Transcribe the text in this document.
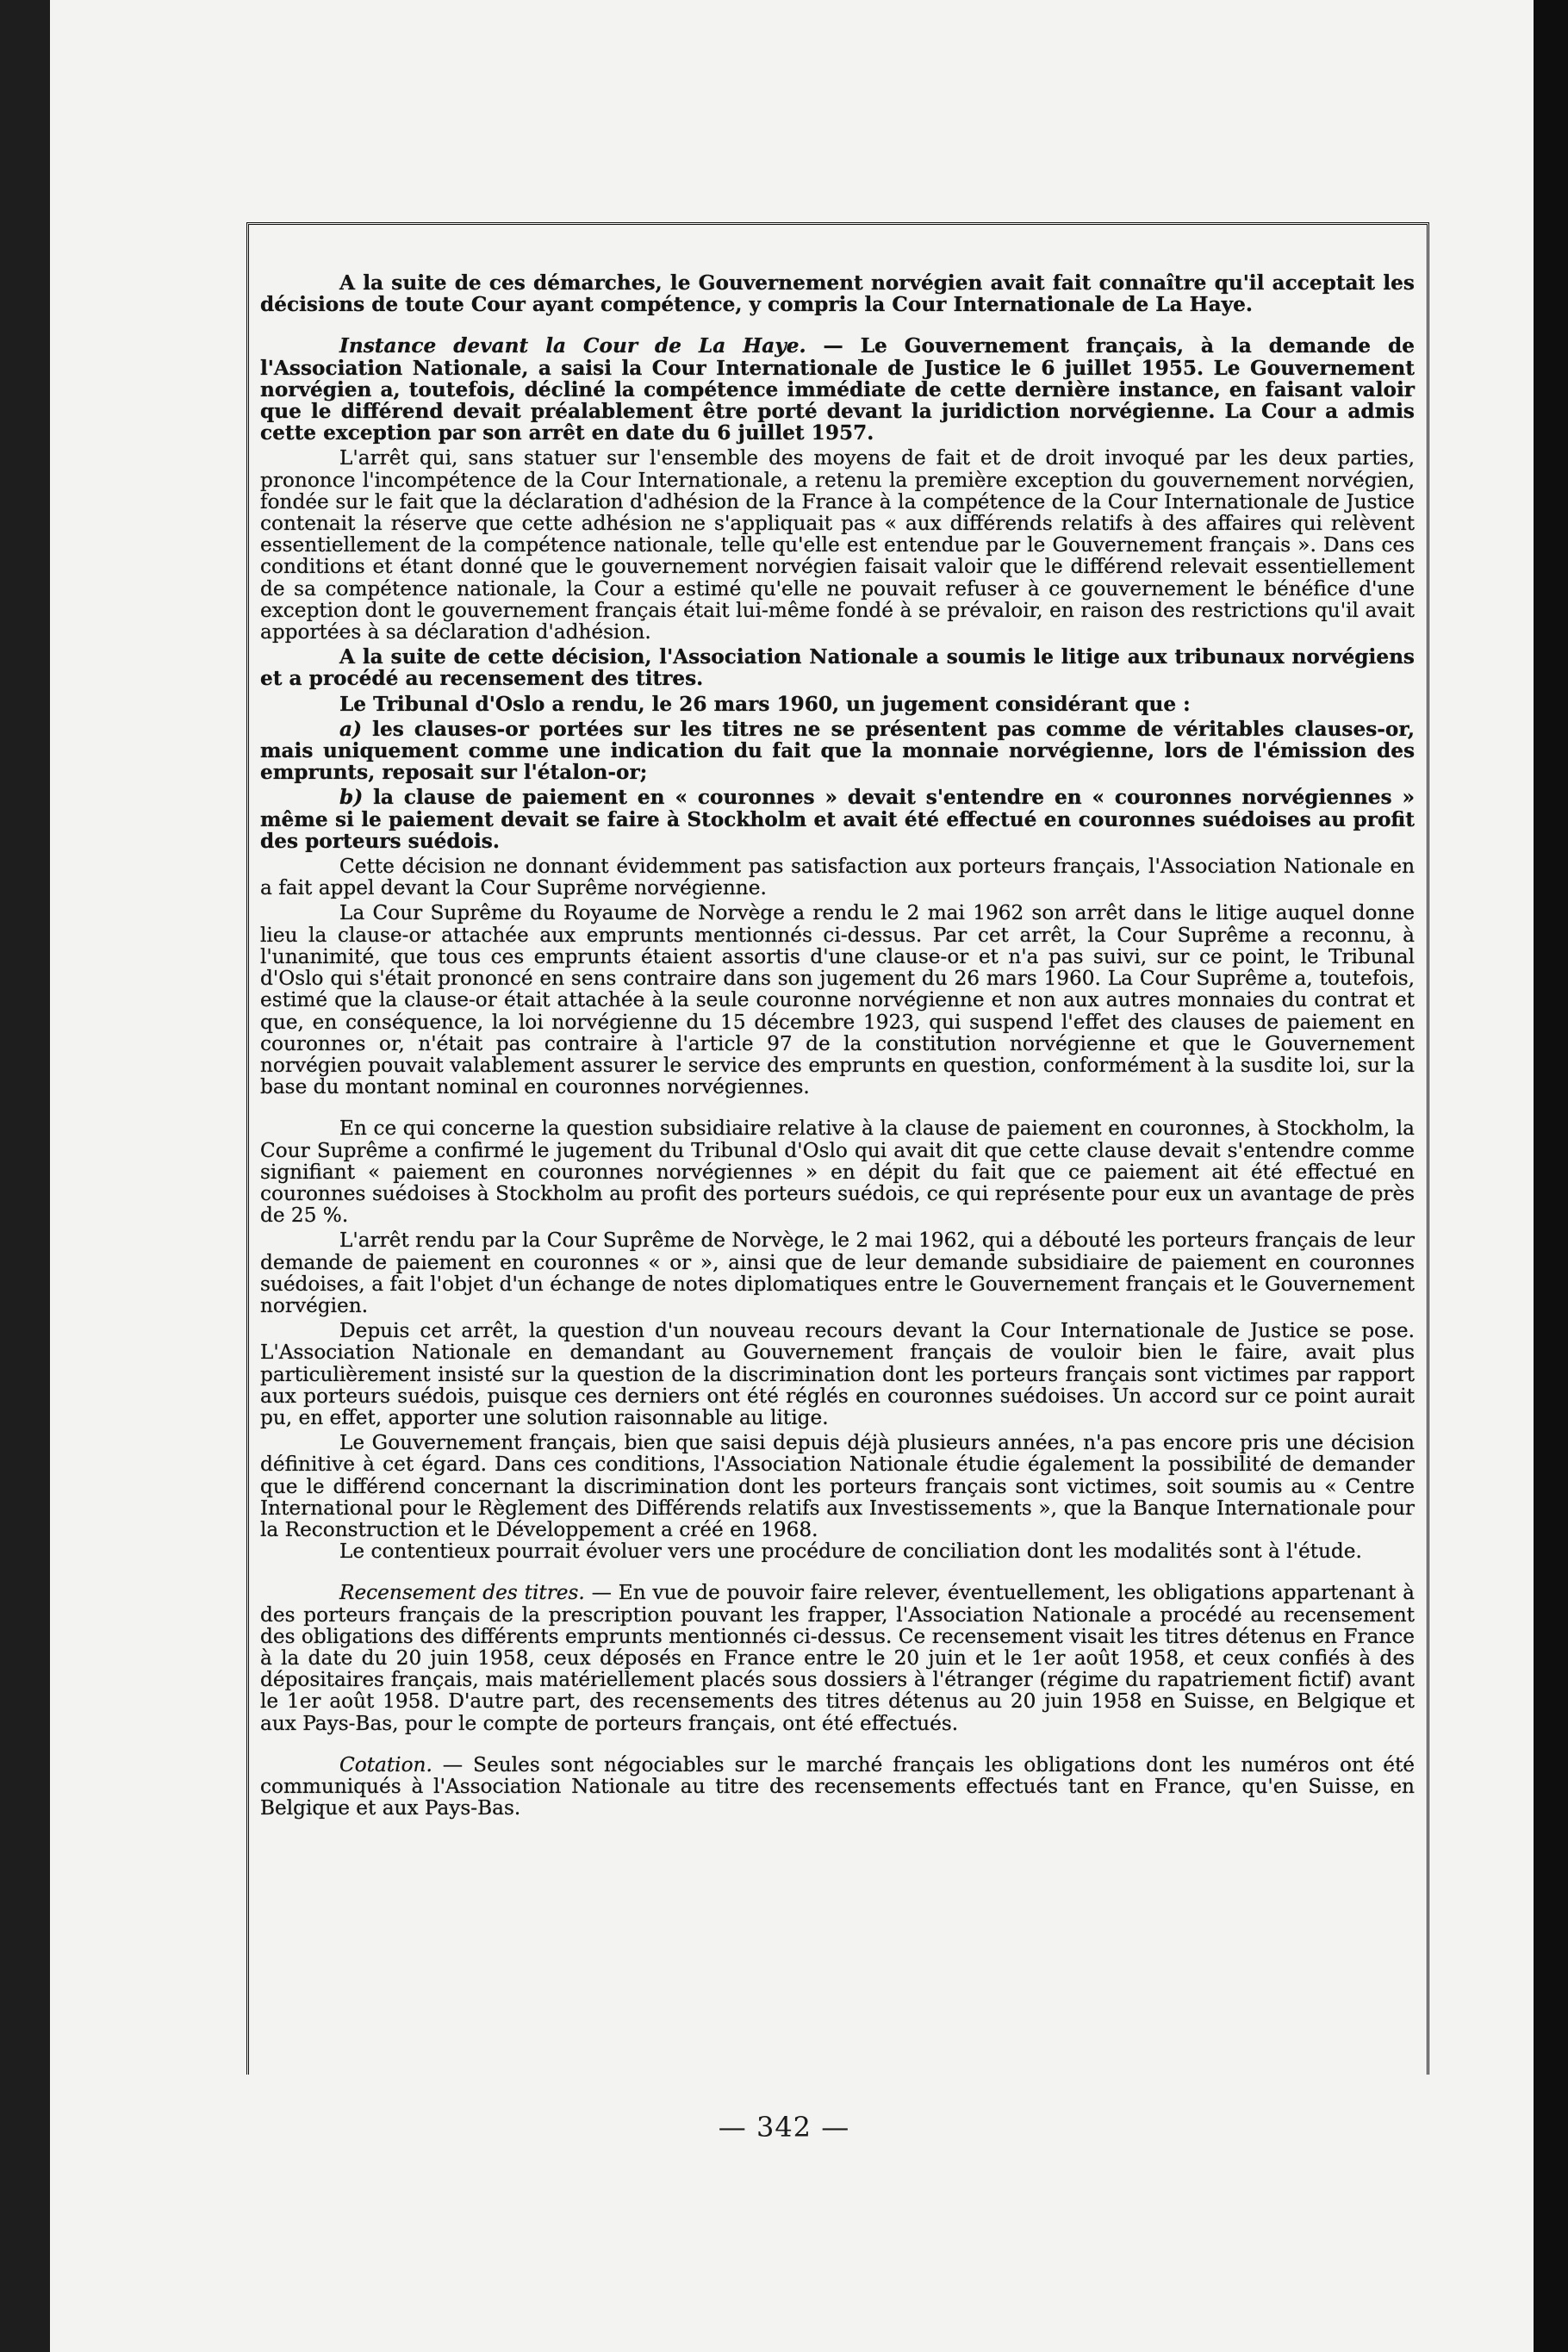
A la suite de ces démarches, le Gouvernement norvégien avait fait connaître qu'il acceptait les décisions de toute Cour ayant compétence, y compris la Cour Internationale de La Haye.

Instance devant la Cour de La Haye. — Le Gouvernement français, à la demande de l'Association Nationale, a saisi la Cour Internationale de Justice le 6 juillet 1955. Le Gouvernement norvégien a, toutefois, décliné la compétence immédiate de cette dernière instance, en faisant valoir que le différend devait préalablement être porté devant la juridiction norvégienne. La Cour a admis cette exception par son arrêt en date du 6 juillet 1957.

L'arrêt qui, sans statuer sur l'ensemble des moyens de fait et de droit invoqué par les deux parties, prononce l'incompétence de la Cour Internationale, a retenu la première exception du gouvernement norvégien, fondée sur le fait que la déclaration d'adhésion de la France à la compétence de la Cour Internationale de Justice contenait la réserve que cette adhésion ne s'appliquait pas « aux différends relatifs à des affaires qui relèvent essentiellement de la compétence nationale, telle qu'elle est entendue par le Gouvernement français ». Dans ces conditions et étant donné que le gouvernement norvégien faisait valoir que le différend relevait essentiellement de sa compétence nationale, la Cour a estimé qu'elle ne pouvait refuser à ce gouvernement le bénéfice d'une exception dont le gouvernement français était lui-même fondé à se prévaloir, en raison des restrictions qu'il avait apportées à sa déclaration d'adhésion.

A la suite de cette décision, l'Association Nationale a soumis le litige aux tribunaux norvégiens et a procédé au recensement des titres.

Le Tribunal d'Oslo a rendu, le 26 mars 1960, un jugement considérant que :

a) les clauses-or portées sur les titres ne se présentent pas comme de véritables clauses-or, mais uniquement comme une indication du fait que la monnaie norvégienne, lors de l'émission des emprunts, reposait sur l'étalon-or;

b) la clause de paiement en « couronnes » devait s'entendre en « couronnes norvégiennes » même si le paiement devait se faire à Stockholm et avait été effectué en couronnes suédoises au profit des porteurs suédois.

Cette décision ne donnant évidemment pas satisfaction aux porteurs français, l'Association Nationale en a fait appel devant la Cour Suprême norvégienne.

La Cour Suprême du Royaume de Norvège a rendu le 2 mai 1962 son arrêt dans le litige auquel donne lieu la clause-or attachée aux emprunts mentionnés ci-dessus. Par cet arrêt, la Cour Suprême a reconnu, à l'unanimité, que tous ces emprunts étaient assortis d'une clause-or et n'a pas suivi, sur ce point, le Tribunal d'Oslo qui s'était prononcé en sens contraire dans son jugement du 26 mars 1960. La Cour Suprême a, toutefois, estimé que la clause-or était attachée à la seule couronne norvégienne et non aux autres monnaies du contrat et que, en conséquence, la loi norvégienne du 15 décembre 1923, qui suspend l'effet des clauses de paiement en couronnes or, n'était pas contraire à l'article 97 de la constitution norvégienne et que le Gouvernement norvégien pouvait valablement assurer le service des emprunts en question, conformément à la susdite loi, sur la base du montant nominal en couronnes norvégiennes.

En ce qui concerne la question subsidiaire relative à la clause de paiement en couronnes, à Stockholm, la Cour Suprême a confirmé le jugement du Tribunal d'Oslo qui avait dit que cette clause devait s'entendre comme signifiant « paiement en couronnes norvégiennes » en dépit du fait que ce paiement ait été effectué en couronnes suédoises à Stockholm au profit des porteurs suédois, ce qui représente pour eux un avantage de près de 25 %.

L'arrêt rendu par la Cour Suprême de Norvège, le 2 mai 1962, qui a débouté les porteurs français de leur demande de paiement en couronnes « or », ainsi que de leur demande subsidiaire de paiement en couronnes suédoises, a fait l'objet d'un échange de notes diplomatiques entre le Gouvernement français et le Gouvernement norvégien.

Depuis cet arrêt, la question d'un nouveau recours devant la Cour Internationale de Justice se pose. L'Association Nationale en demandant au Gouvernement français de vouloir bien le faire, avait plus particulièrement insisté sur la question de la discrimination dont les porteurs français sont victimes par rapport aux porteurs suédois, puisque ces derniers ont été réglés en couronnes suédoises. Un accord sur ce point aurait pu, en effet, apporter une solution raisonnable au litige.

Le Gouvernement français, bien que saisi depuis déjà plusieurs années, n'a pas encore pris une décision définitive à cet égard. Dans ces conditions, l'Association Nationale étudie également la possibilité de demander que le différend concernant la discrimination dont les porteurs français sont victimes, soit soumis au « Centre International pour le Règlement des Différends relatifs aux Investissements », que la Banque Internationale pour la Reconstruction et le Développement a créé en 1968.

Le contentieux pourrait évoluer vers une procédure de conciliation dont les modalités sont à l'étude.

Recensement des titres. — En vue de pouvoir faire relever, éventuellement, les obligations appartenant à des porteurs français de la prescription pouvant les frapper, l'Association Nationale a procédé au recensement des obligations des différents emprunts mentionnés ci-dessus. Ce recensement visait les titres détenus en France à la date du 20 juin 1958, ceux déposés en France entre le 20 juin et le 1er août 1958, et ceux confiés à des dépositaires français, mais matériellement placés sous dossiers à l'étranger (régime du rapatriement fictif) avant le 1er août 1958. D'autre part, des recensements des titres détenus au 20 juin 1958 en Suisse, en Belgique et aux Pays-Bas, pour le compte de porteurs français, ont été effectués.

Cotation. — Seules sont négociables sur le marché français les obligations dont les numéros ont été communiqués à l'Association Nationale au titre des recensements effectués tant en France, qu'en Suisse, en Belgique et aux Pays-Bas.

— 342 —
